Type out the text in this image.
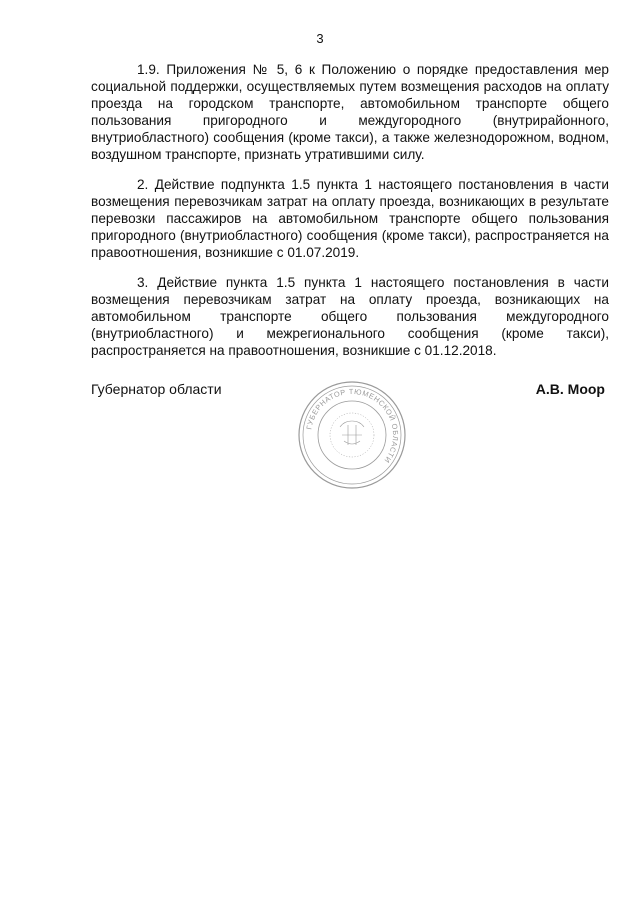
3

1.9. Приложения № 5, 6 к Положению о порядке предоставления мер социальной поддержки, осуществляемых путем возмещения расходов на оплату проезда на городском транспорте, автомобильном транспорте общего пользования пригородного и междугородного (внутрирайонного, внутриобластного) сообщения (кроме такси), а также железнодорожном, водном, воздушном транспорте, признать утратившими силу.

2. Действие подпункта 1.5 пункта 1 настоящего постановления в части возмещения перевозчикам затрат на оплату проезда, возникающих в результате перевозки пассажиров на автомобильном транспорте общего пользования пригородного (внутриобластного) сообщения (кроме такси), распространяется на правоотношения, возникшие с 01.07.2019.

3. Действие пункта 1.5 пункта 1 настоящего постановления в части возмещения перевозчикам затрат на оплату проезда, возникающих на автомобильном транспорте общего пользования междугородного (внутриобластного) и межрегионального сообщения (кроме такси), распространяется на правоотношения, возникшие с 01.12.2018.

Губернатор области	А.В. Моор
ГУБЕРНАТОР ТЮМЕНСКОЙ ОБЛАСТИ
